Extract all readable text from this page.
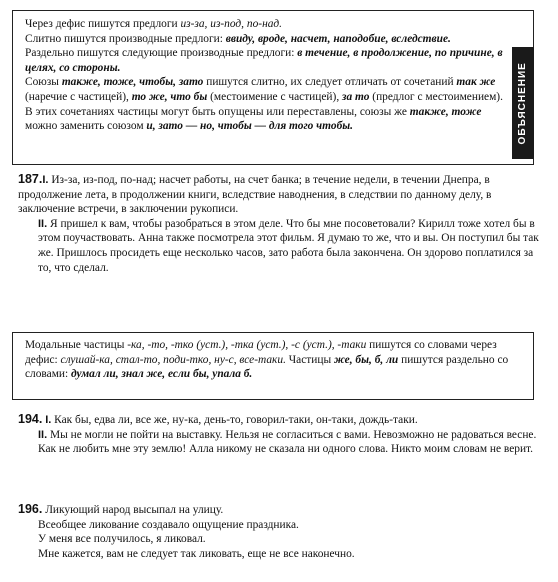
Через дефис пишутся предлоги из-за, из-под, по-над.

Слитно пишутся производные предлоги: ввиду, вроде, насчет, наподобие, вследствие.

Раздельно пишутся следующие производные предлоги: в течение, в продолжение, по причине, в целях, со стороны.

Союзы также, тоже, чтобы, зато пишутся слитно, их следует отличать от сочетаний так же (наречие с частицей), то же, что бы (местоимение с частицей), за то (предлог с местоимением). В этих сочетаниях частицы могут быть опущены или переставлены, союзы же также, тоже можно заменить союзом и, зато — но, чтобы — для того чтобы.	ОБЪЯСНЕНИЕ

187.I. Из-за, из-под, по-над; насчет работы, на счет банка; в течение недели, в течении Днепра, в продолжение лета, в продолжении книги, вследствие наводнения, в следствии по данному делу, в заключение встречи, в заключении рукописи.

II. Я пришел к вам, чтобы разобраться в этом деле. Что бы мне посоветовали? Кирилл тоже хотел бы в этом поучаствовать. Анна также посмотрела этот фильм. Я думаю то же, что и вы. Он поступил бы так же. Пришлось просидеть еще несколько часов, зато работа была закончена. Он здорово поплатился за то, что сделал.

Модальные частицы -ка, -то, -тко (уст.), -тка (уст.), -с (уст.), -таки пишутся со словами через дефис: слушай-ка, стал-то, поди-тко, ну-с, все-таки. Частицы же, бы, б, ли пишутся раздельно со словами: думал ли, знал же, если бы, упала б.

194. I. Как бы, едва ли, все же, ну-ка, день-то, говорил-таки, он-таки, дождь-таки.

II. Мы не могли не пойти на выставку. Нельзя не согласиться с вами. Невозможно не радоваться весне. Как не любить мне эту землю! Алла никому не сказала ни одного слова. Никто моим словам не верит.

196. Ликующий народ высыпал на улицу.

Всеобщее ликование создавало ощущение праздника.

У меня все получилось, я ликовал.

Мне кажется, вам не следует так ликовать, еще не все наконечно.
